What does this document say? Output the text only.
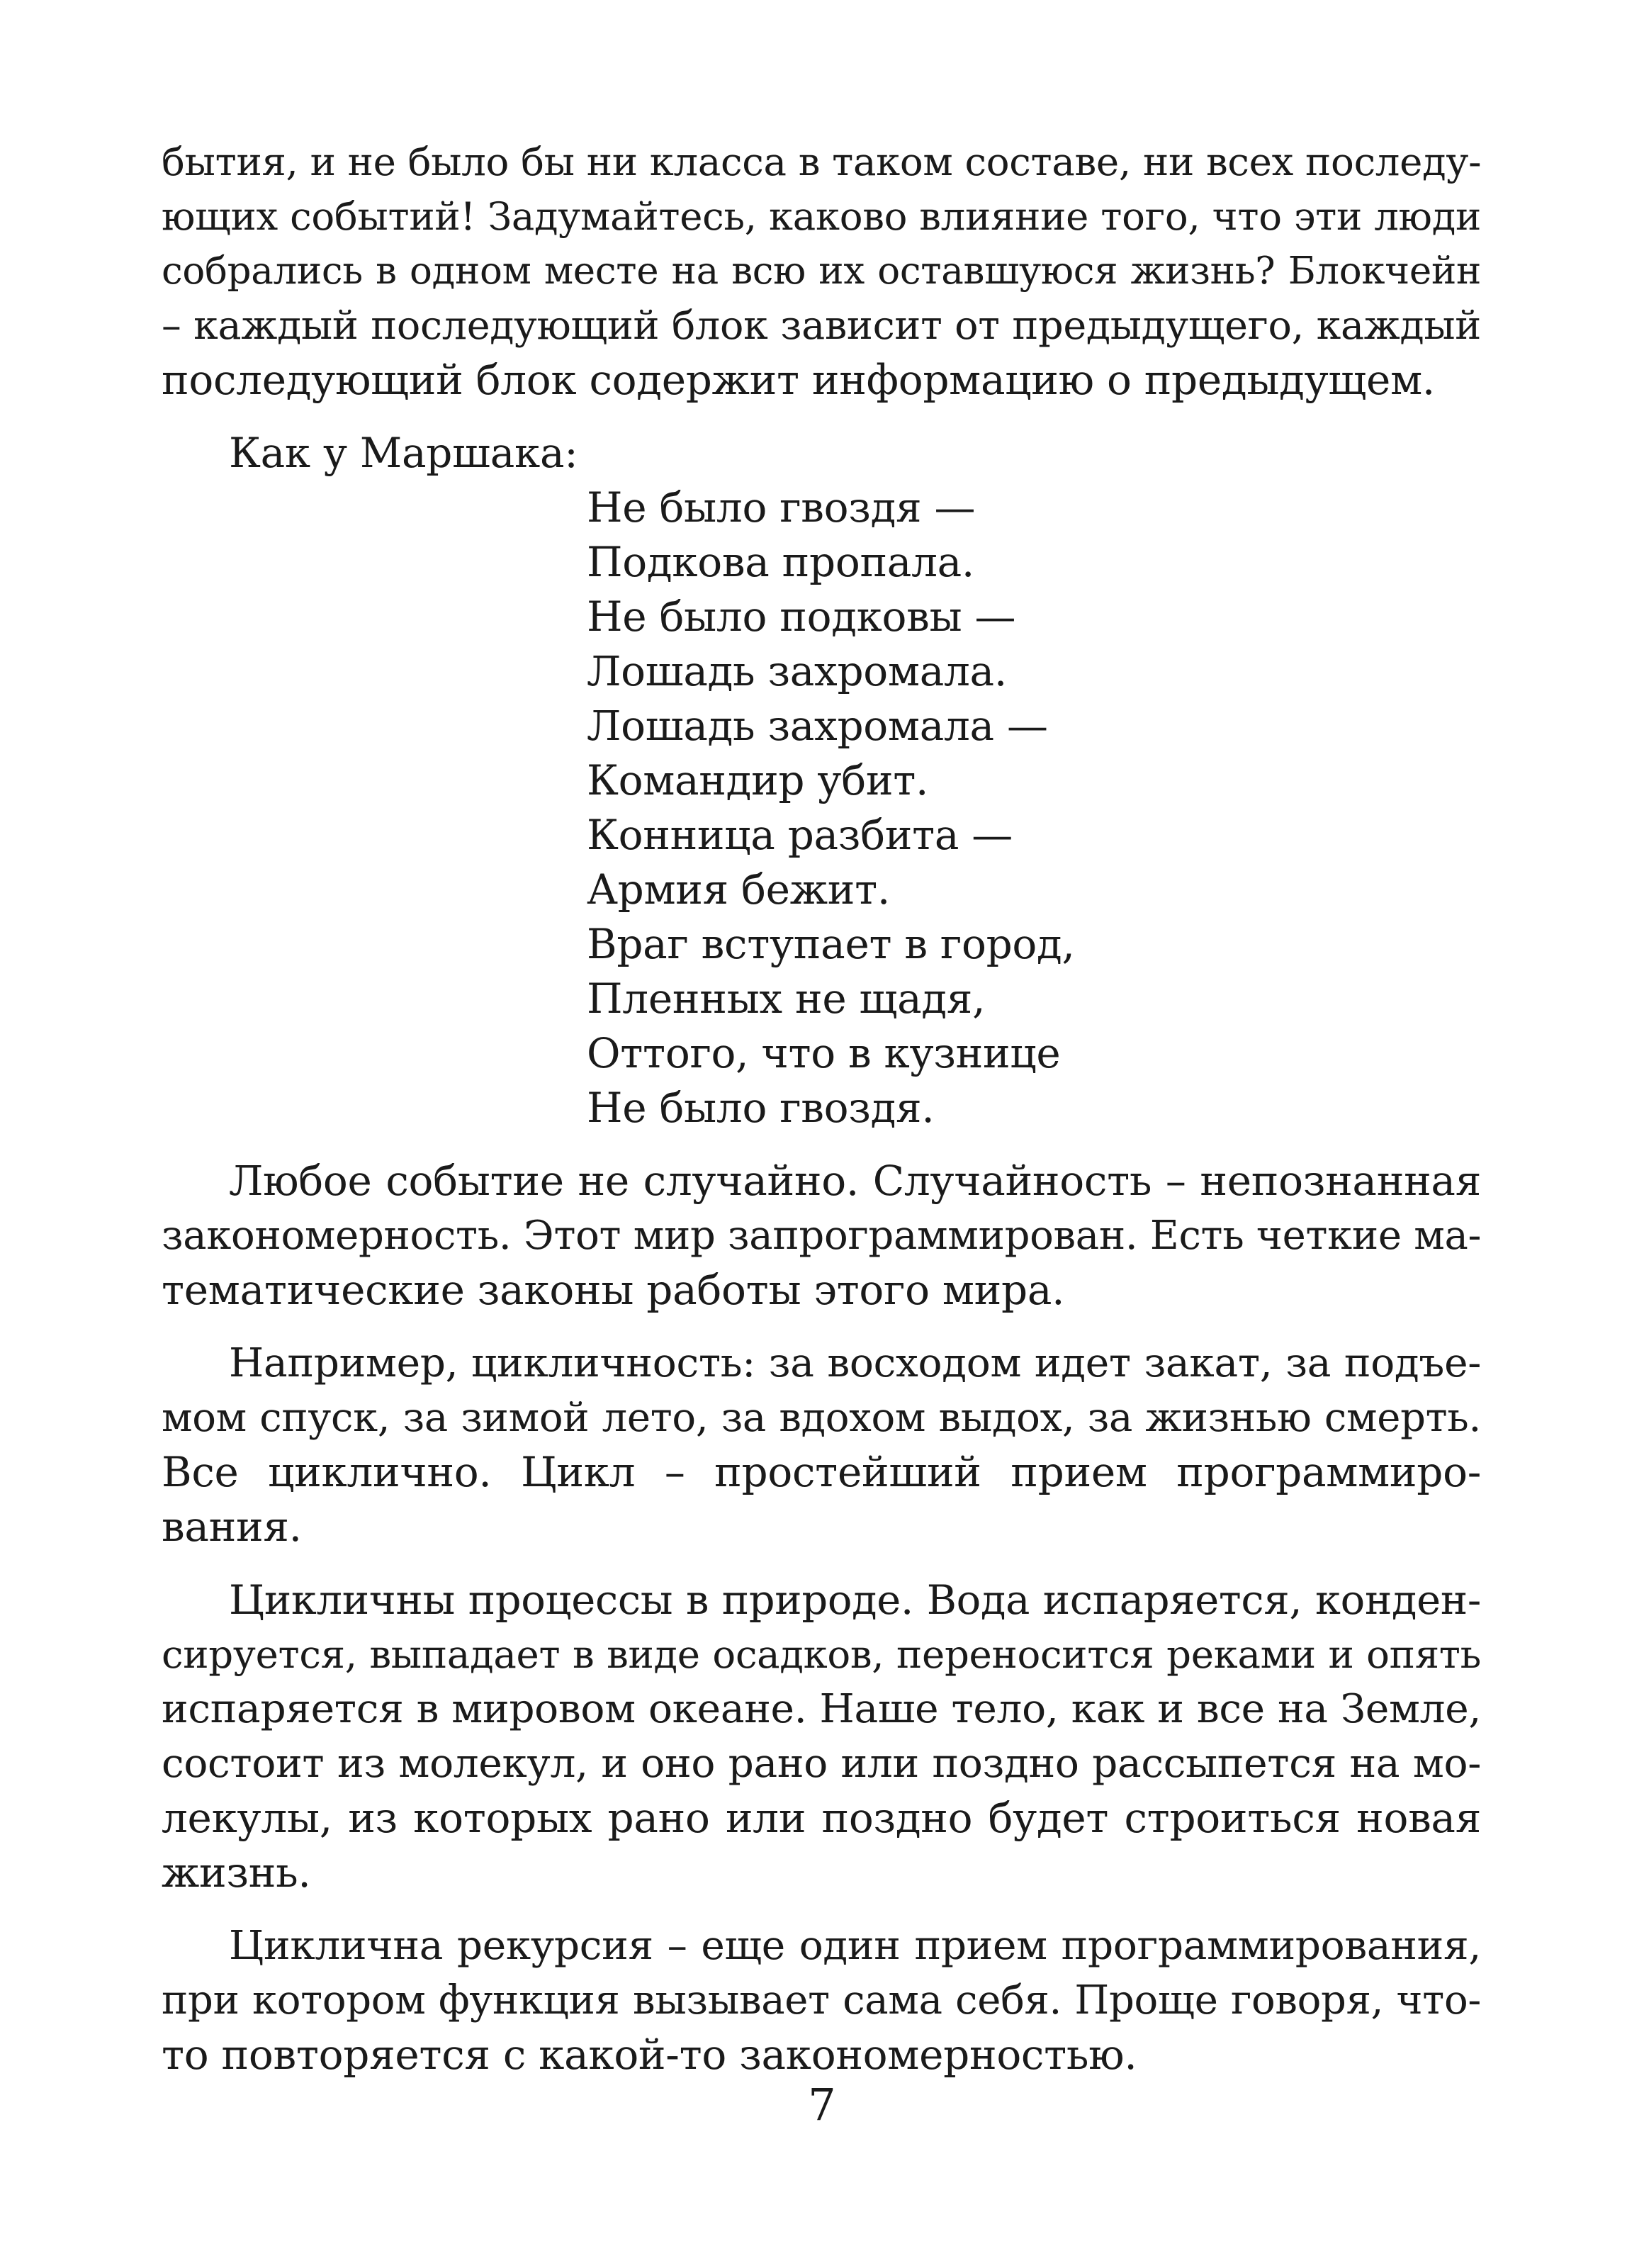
бытия, и не было бы ни класса в таком составе, ни всех последу-
ющих событий! Задумайтесь, каково влияние того, что эти люди
собрались в одном месте на всю их оставшуюся жизнь? Блокчейн
– каждый последующий блок зависит от предыдущего, каждый
последующий блок содержит информацию о предыдущем.
Как у Маршака:
Не было гвоздя —
Подкова пропала.
Не было подковы —
Лошадь захромала.
Лошадь захромала —
Командир убит.
Конница разбита —
Армия бежит.
Враг вступает в город,
Пленных не щадя,
Оттого, что в кузнице
Не было гвоздя.
Любое событие не случайно. Случайность – непознанная
закономерность. Этот мир запрограммирован. Есть четкие ма-
тематические законы работы этого мира.
Например, цикличность: за восходом идет закат, за подъе-
мом спуск, за зимой лето, за вдохом выдох, за жизнью смерть.
Все циклично. Цикл – простейший прием программиро-
вания.
Цикличны процессы в природе. Вода испаряется, конден-
сируется, выпадает в виде осадков, переносится реками и опять
испаряется в мировом океане. Наше тело, как и все на Земле,
состоит из молекул, и оно рано или поздно рассыпется на мо-
лекулы, из которых рано или поздно будет строиться новая
жизнь.
Циклична рекурсия – еще один прием программирования,
при котором функция вызывает сама себя. Проще говоря, что-
то повторяется с какой-то закономерностью.
7
